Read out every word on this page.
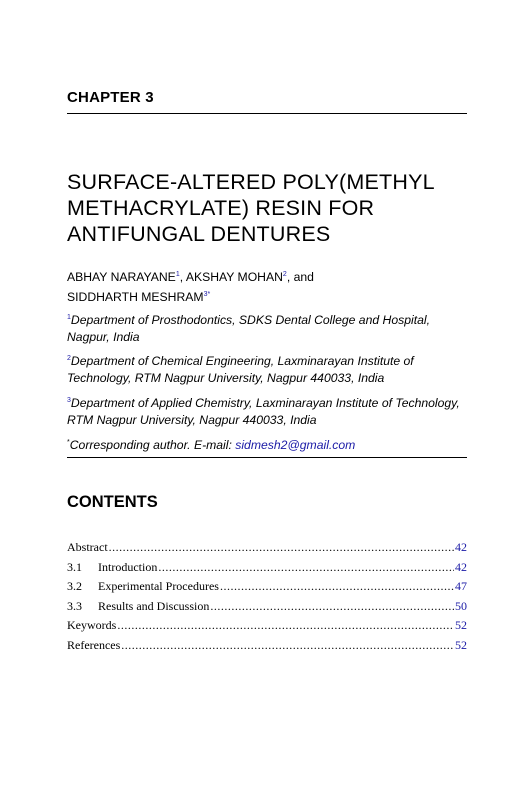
CHAPTER 3
SURFACE-ALTERED POLY(METHYL
METHACRYLATE) RESIN FOR
ANTIFUNGAL DENTURES
ABHAY NARAYANE$^1$, AKSHAY MOHAN$^2$, and
SIDDHARTH $MESHRAM^{3*}$
$^1$Department of Prosthodontics, SDKS Dental College and Hospital, Nagpur, India
$^2$Department of Chemical Engineering, Laxminarayan Institute of Technology, RTM Nagpur University, Nagpur 440033, India
$^3$Department of Applied Chemistry, Laxminarayan Institute of Technology, RTM Nagpur University, Nagpur 440033, India
*Corresponding author. E-mail: sidmesh2@gmail.com
CONTENTS
Abstract .....	42
3.1	Introduction .....	42
3.2	Experimental Procedures .....	47
3.3	Results and Discussion .....	50
Keywords .....	52
References .....	52
